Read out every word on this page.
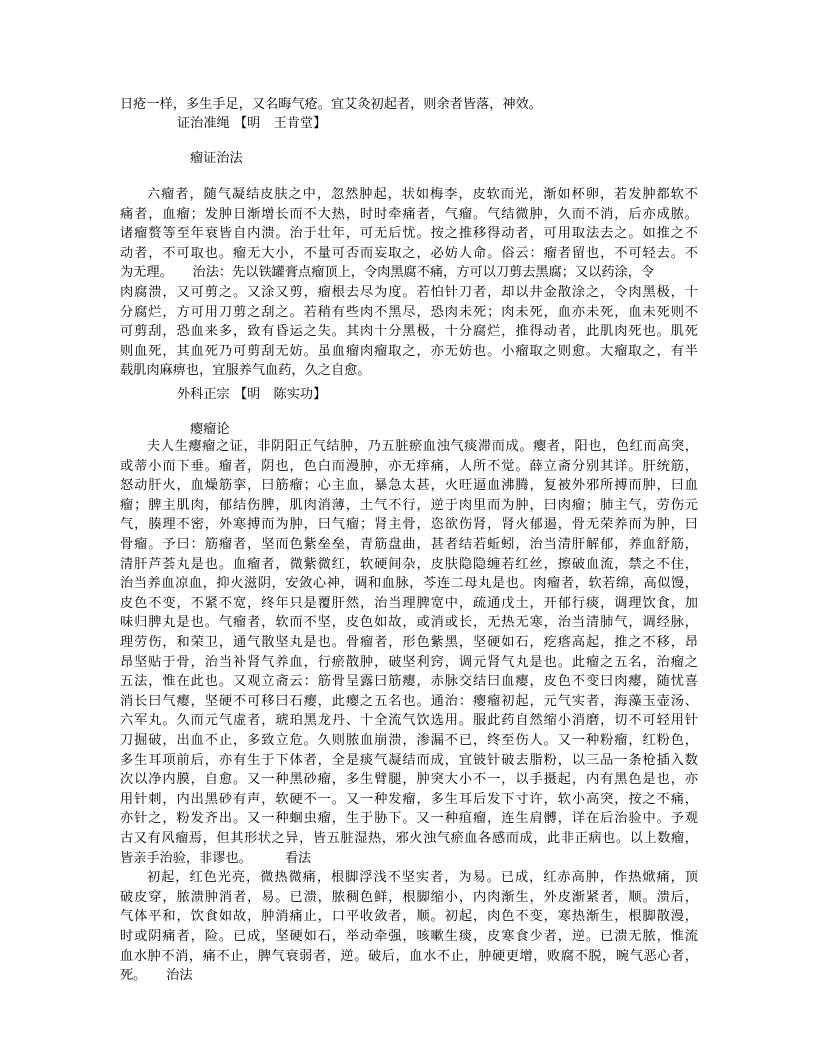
日疮一样，多生手足，又名晦气疮。宜艾灸初起者，则余者皆落，神效。
证治准绳 【明　王肯堂】
瘤证治法
六瘤者，随气凝结皮肤之中，忽然肿起，状如梅李，皮软而光，渐如杯卵，若发肿都软不
痛者，血瘤；发肿日渐增长而不大热，时时牵痛者，气瘤。气结微肿，久而不消，后亦成脓。
诸瘤赘等至年衰皆自内溃。治于壮年，可无后忧。按之推移得动者，可用取法去之。如推之不
动者，不可取也。瘤无大小，不量可否而妄取之，必妨人命。俗云：瘤者留也，不可轻去。不
为无理。　　治法：先以铁罐膏点瘤顶上，令肉黑腐不痛，方可以刀剪去黑腐；又以药涂，令
肉腐溃，又可剪之。又涂又剪，瘤根去尽为度。若怕针刀者，却以井金散涂之，令肉黑极，十
分腐烂，方可用刀剪之刮之。若稍有些肉不黑尽，恐肉未死；肉未死，血亦未死，血未死则不
可剪刮，恐血来多，致有昏运之失。其肉十分黑极，十分腐烂，推得动者，此肌肉死也。肌死
则血死，其血死乃可剪刮无妨。虽血瘤肉瘤取之，亦无妨也。小瘤取之则愈。大瘤取之，有半
载肌肉麻痹也，宜服养气血药，久之自愈。
外科正宗 【明　陈实功】
瘿瘤论
夫人生瘿瘤之证，非阴阳正气结肿，乃五脏瘀血浊气痰滞而成。瘿者，阳也，色红而高突，
或蒂小而下垂。瘤者，阴也，色白而漫肿，亦无痒痛，人所不觉。薛立斋分别其详。肝统筋，
怒动肝火，血燥筋挛，曰筋瘤；心主血，暴急太甚，火旺逼血沸腾，复被外邪所搏而肿，曰血
瘤；脾主肌肉，郁结伤脾，肌肉消薄，土气不行，逆于肉里而为肿，曰肉瘤；肺主气，劳伤元
气，腠理不密，外寒搏而为肿，曰气瘤；肾主骨，恣欲伤肾，肾火郁遏，骨无荣养而为肿，曰
骨瘤。予曰：筋瘤者，坚而色紫垒垒，青筋盘曲，甚者结若蚯蚓，治当清肝解郁，养血舒筋，
清肝芦荟丸是也。血瘤者，微紫微红，软硬间杂，皮肤隐隐缠若红丝，擦破血流，禁之不住，
治当养血凉血，抑火滋阴，安敛心神，调和血脉，芩连二母丸是也。肉瘤者，软若绵，高似馒，
皮色不变，不紧不宽，终年只是覆肝然，治当理脾宽中，疏通戊土，开郁行痰，调理饮食，加
味归脾丸是也。气瘤者，软而不坚，皮色如故，或消或长，无热无寒，治当清肺气，调经脉，
理劳伤，和荣卫，通气散坚丸是也。骨瘤者，形色紫黑，坚硬如石，疙瘩高起，推之不移，昂
昂坚贴于骨，治当补肾气养血，行瘀散肿，破坚利窍，调元肾气丸是也。此瘤之五名，治瘤之
五法，惟在此也。又观立斋云：筋骨呈露曰筋瘿，赤脉交结曰血瘿，皮色不变曰肉瘿，随忧喜
消长曰气瘿，坚硬不可移曰石瘿，此瘿之五名也。通治：瘿瘤初起，元气实者，海藻玉壶汤、
六军丸。久而元气虚者，琥珀黑龙丹、十全流气饮选用。服此药自然缩小消磨，切不可轻用针
刀掘破，出血不止，多致立危。久则脓血崩溃，渗漏不已，终至伤人。又一种粉瘤，红粉色，
多生耳项前后，亦有生于下体者，全是痰气凝结而成，宜铍针破去脂粉，以三品一条枪插入数
次以净内膜，自愈。又一种黑砂瘤，多生臂腿，肿突大小不一，以手摄起，内有黑色是也，亦
用针刺，内出黑砂有声，软硬不一。又一种发瘤，多生耳后发下寸许，软小高突，按之不痛，
亦针之，粉发齐出。又一种蛔虫瘤，生于胁下。又一种疽瘤，连生肩髆，详在后治验中。予观
古又有风瘤焉，但其形状之异，皆五脏湿热，邪火浊气瘀血各感而成，此非正病也。以上数瘤，
皆亲手治验，非谬也。　　　看法
初起，红色光亮，微热微痛，根脚浮浅不坚实者，为易。已成，红赤高肿，作热焮痛，顶
破皮穿，脓溃肿消者，易。已溃，脓稠色鲜，根脚缩小，内肉渐生，外皮渐紧者，顺。溃后，
气体平和，饮食如故，肿消痛止，口平收敛者，顺。初起，肉色不变，寒热渐生，根脚散漫，
时或阴痛者，险。已成，坚硬如石，举动牵强，咳嗽生痰，皮寒食少者，逆。已溃无脓，惟流
血水肿不消，痛不止，脾气衰弱者，逆。破后，血水不止，肿硬更增，败腐不脱，晼气恶心者，
死。　　治法
